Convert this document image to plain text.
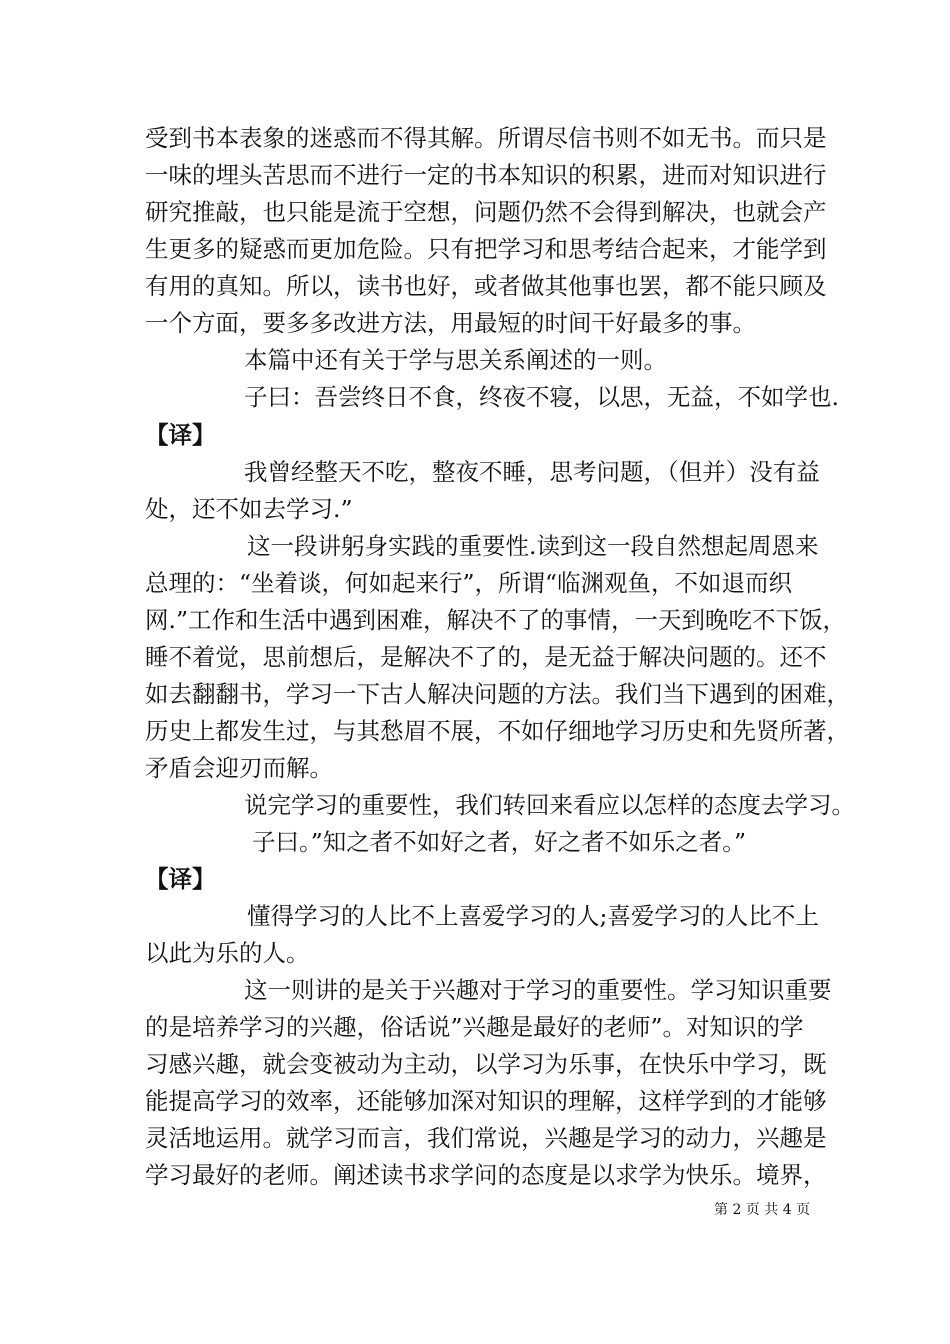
受到书本表象的迷惑而不得其解。所谓尽信书则不如无书。而只是
一味的埋头苦思而不进行一定的书本知识的积累，进而对知识进行
研究推敲，也只能是流于空想，问题仍然不会得到解决，也就会产
生更多的疑惑而更加危险。只有把学习和思考结合起来，才能学到
有用的真知。所以，读书也好，或者做其他事也罢，都不能只顾及
一个方面，要多多改进方法，用最短的时间干好最多的事。
本篇中还有关于学与思关系阐述的一则。
子曰：吾尝终日不食，终夜不寝，以思，无益，不如学也.
【译】
我曾经整天不吃，整夜不睡，思考问题，（但并）没有益
处，还不如去学习.”
这一段讲躬身实践的重要性.读到这一段自然想起周恩来
总理的：“坐着谈，何如起来行”，所谓“临渊观鱼，不如退而织
网.”工作和生活中遇到困难，解决不了的事情，一天到晚吃不下饭，
睡不着觉，思前想后，是解决不了的，是无益于解决问题的。还不
如去翻翻书，学习一下古人解决问题的方法。我们当下遇到的困难，
历史上都发生过，与其愁眉不展，不如仔细地学习历史和先贤所著，
矛盾会迎刃而解。
说完学习的重要性，我们转回来看应以怎样的态度去学习。
子曰。”知之者不如好之者，好之者不如乐之者。”
【译】
懂得学习的人比不上喜爱学习的人;喜爱学习的人比不上
以此为乐的人。
这一则讲的是关于兴趣对于学习的重要性。学习知识重要
的是培养学习的兴趣，俗话说”兴趣是最好的老师”。对知识的学
习感兴趣，就会变被动为主动，以学习为乐事，在快乐中学习，既
能提高学习的效率，还能够加深对知识的理解，这样学到的才能够
灵活地运用。就学习而言，我们常说，兴趣是学习的动力，兴趣是
学习最好的老师。阐述读书求学问的态度是以求学为快乐。境界，
第 2 页 共 4 页
